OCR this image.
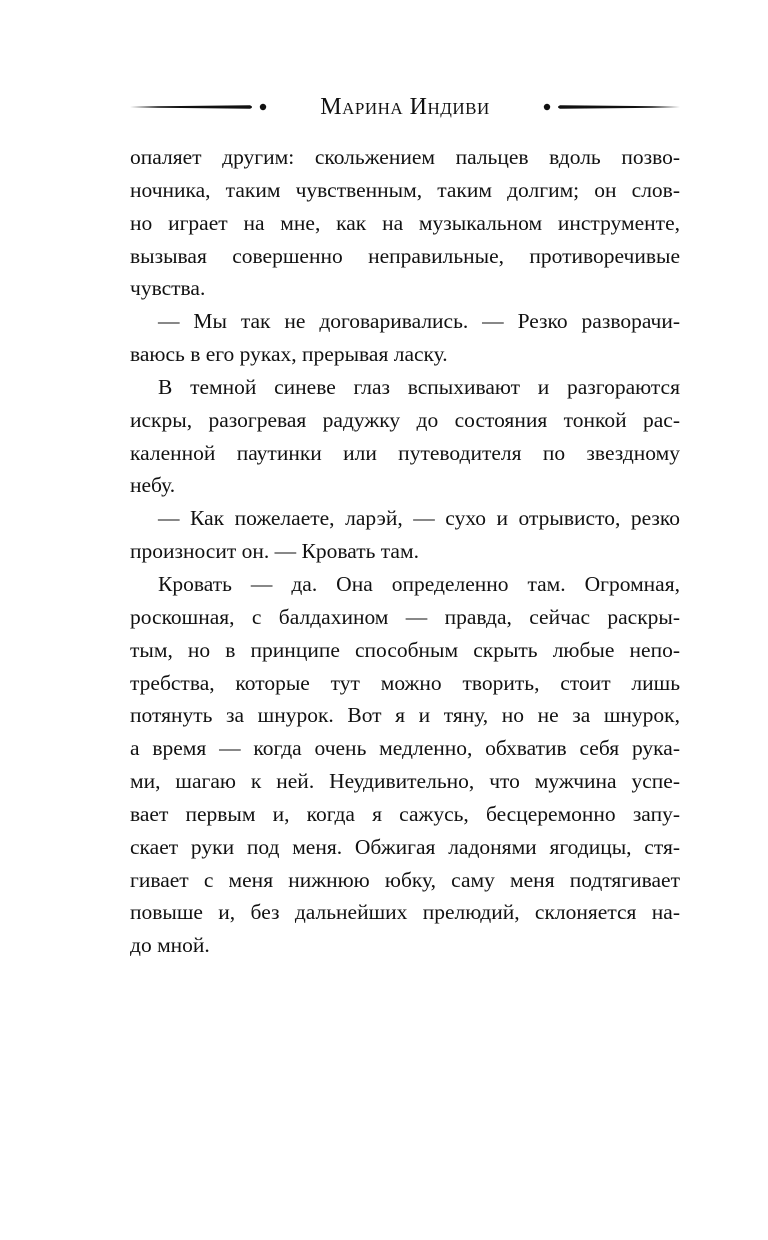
Марина Индиви
опаляет другим: скольжением пальцев вдоль позво-
ночника, таким чувственным, таким долгим; он слов-
но играет на мне, как на музыкальном инструменте,
вызывая совершенно неправильные, противоречивые
чувства.
— Мы так не договаривались. — Резко разворачи-
ваюсь в его руках, прерывая ласку.
В темной синеве глаз вспыхивают и разгораются
искры, разогревая радужку до состояния тонкой рас-
каленной паутинки или путеводителя по звездному
небу.
— Как пожелаете, ларэй, — сухо и отрывисто, резко
произносит он. — Кровать там.
Кровать — да. Она определенно там. Огромная,
роскошная, с балдахином — правда, сейчас раскры-
тым, но в принципе способным скрыть любые непо-
требства, которые тут можно творить, стоит лишь
потянуть за шнурок. Вот я и тяну, но не за шнурок,
а время — когда очень медленно, обхватив себя рука-
ми, шагаю к ней. Неудивительно, что мужчина успе-
вает первым и, когда я сажусь, бесцеремонно запу-
скает руки под меня. Обжигая ладонями ягодицы, стя-
гивает с меня нижнюю юбку, саму меня подтягивает
повыше и, без дальнейших прелюдий, склоняется на-
до мной.
